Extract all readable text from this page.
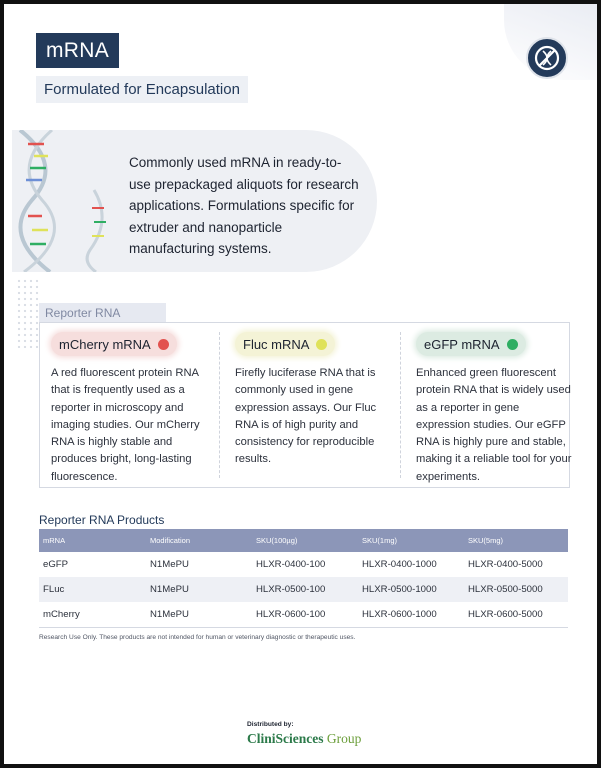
mRNA
Formulated for Encapsulation

Commonly used mRNA in ready-to-use prepackaged aliquots for research applications. Formulations specific for extruder and nanoparticle manufacturing systems.

Reporter RNA
mCherry mRNA

A red fluorescent protein RNA that is frequently used as a reporter in microscopy and imaging studies. Our mCherry RNA is highly stable and produces bright, long-lasting fluorescence.

Fluc mRNA

Firefly luciferase RNA that is commonly used in gene expression assays. Our Fluc RNA is of high purity and consistency for reproducible results.

eGFP mRNA

Enhanced green fluorescent protein RNA that is widely used as a reporter in gene expression studies. Our eGFP RNA is highly pure and stable, making it a reliable tool for your experiments.

Reporter RNA Products
mRNA	Modification	SKU(100µg)	SKU(1mg)	SKU(5mg)
eGFP	N1MePU	HLXR-0400-100	HLXR-0400-1000	HLXR-0400-5000
FLuc	N1MePU	HLXR-0500-100	HLXR-0500-1000	HLXR-0500-5000
mCherry	N1MePU	HLXR-0600-100	HLXR-0600-1000	HLXR-0600-5000
Research Use Only. These products are not intended for human or veterinary diagnostic or therapeutic uses.
Distributed by:
CliniSciences Group
